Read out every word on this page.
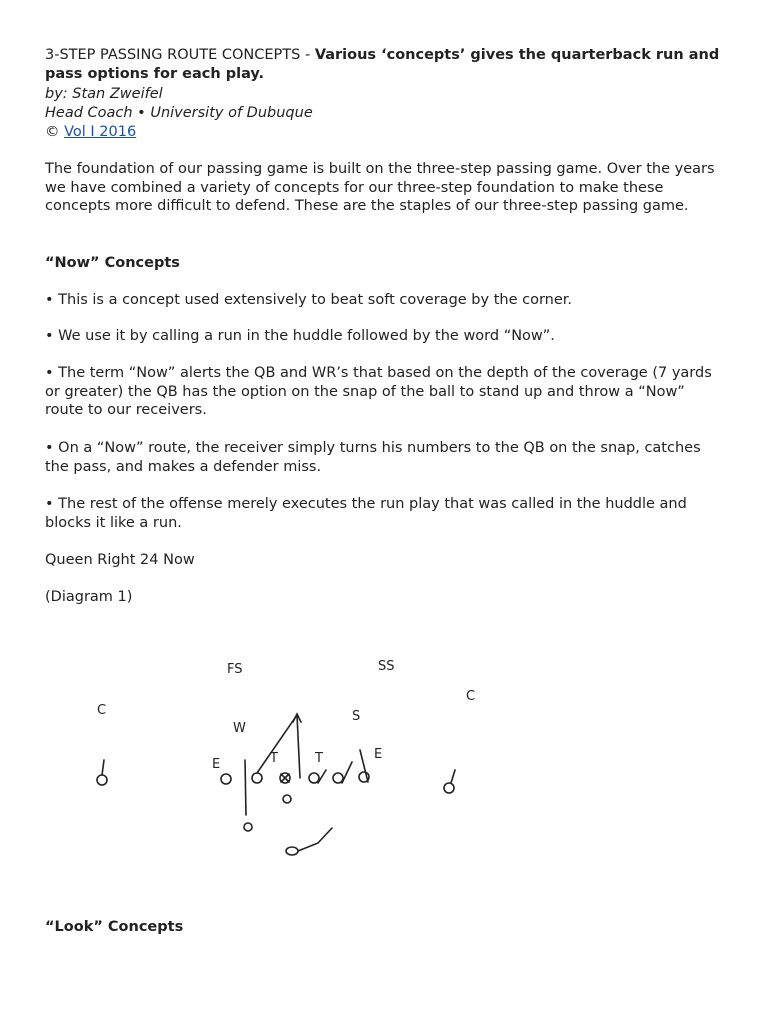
3-STEP PASSING ROUTE CONCEPTS - Various ‘concepts’ gives the quarterback run and pass options for each play.
by: Stan Zweifel
Head Coach • University of Dubuque
© Vol I 2016
The foundation of our passing game is built on the three-step passing game. Over the years we have combined a variety of concepts for our three-step foundation to make these concepts more difficult to defend. These are the staples of our three-step passing game.
“Now” Concepts
• This is a concept used extensively to beat soft coverage by the corner.
• We use it by calling a run in the huddle followed by the word “Now”.
• The term “Now” alerts the QB and WR’s that based on the depth of the coverage (7 yards or greater) the QB has the option on the snap of the ball to stand up and throw a “Now” route to our receivers.
• On a “Now” route, the receiver simply turns his numbers to the QB on the snap, catches the pass, and makes a defender miss.
• The rest of the offense merely executes the run play that was called in the huddle and blocks it like a run.
Queen Right 24 Now
(Diagram 1)
FS	SS
C
C
W
S
E
E
T	T
“Look” Concepts
